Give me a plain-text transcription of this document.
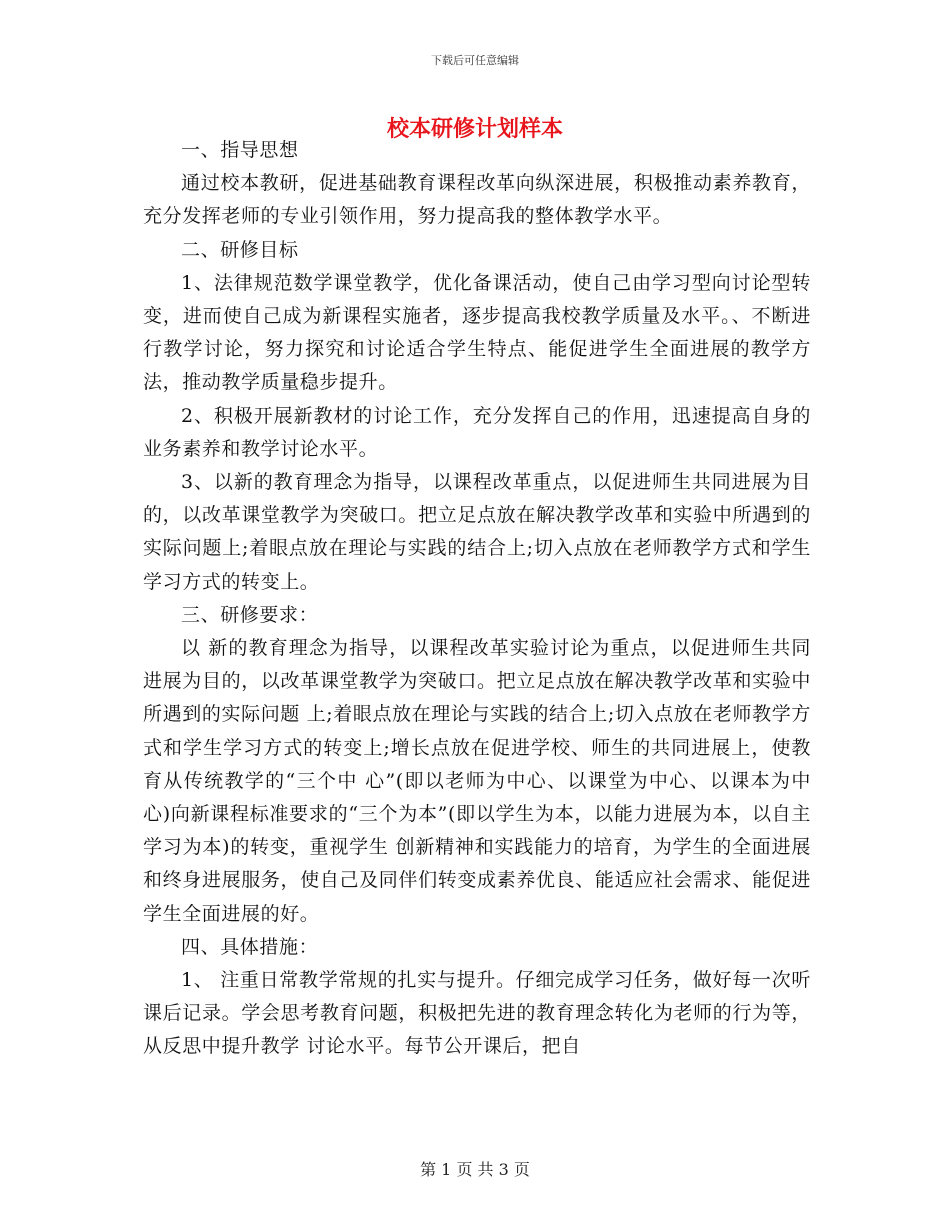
下载后可任意编辑
校本研修计划样本

一、指导思想

通过校本教研，促进基础教育课程改革向纵深进展，积极推动素养教育，充分发挥老师的专业引领作用，努力提高我的整体教学水平。

二、研修目标

1、法律规范数学课堂教学，优化备课活动，使自己由学习型向讨论型转变，进而使自己成为新课程实施者，逐步提高我校教学质量及水平。、不断进行教学讨论，努力探究和讨论适合学生特点、能促进学生全面进展的教学方法，推动教学质量稳步提升。

2、积极开展新教材的讨论工作，充分发挥自己的作用，迅速提高自身的业务素养和教学讨论水平。

3、以新的教育理念为指导，以课程改革重点，以促进师生共同进展为目的，以改革课堂教学为突破口。把立足点放在解决教学改革和实验中所遇到的实际问题上;着眼点放在理论与实践的结合上;切入点放在老师教学方式和学生学习方式的转变上。

三、研修要求：

以 新的教育理念为指导，以课程改革实验讨论为重点，以促进师生共同进展为目的，以改革课堂教学为突破口。把立足点放在解决教学改革和实验中所遇到的实际问题 上;着眼点放在理论与实践的结合上;切入点放在老师教学方式和学生学习方式的转变上;增长点放在促进学校、师生的共同进展上，使教育从传统教学的“三个中 心”(即以老师为中心、以课堂为中心、以课本为中心)向新课程标准要求的“三个为本”(即以学生为本，以能力进展为本，以自主学习为本)的转变，重视学生 创新精神和实践能力的培育，为学生的全面进展和终身进展服务，使自己及同伴们转变成素养优良、能适应社会需求、能促进学生全面进展的好。

四、具体措施：

1、 注重日常教学常规的扎实与提升。仔细完成学习任务，做好每一次听课后记录。学会思考教育问题，积极把先进的教育理念转化为老师的行为等，从反思中提升教学 讨论水平。每节公开课后，把自

第 1 页 共 3 页
